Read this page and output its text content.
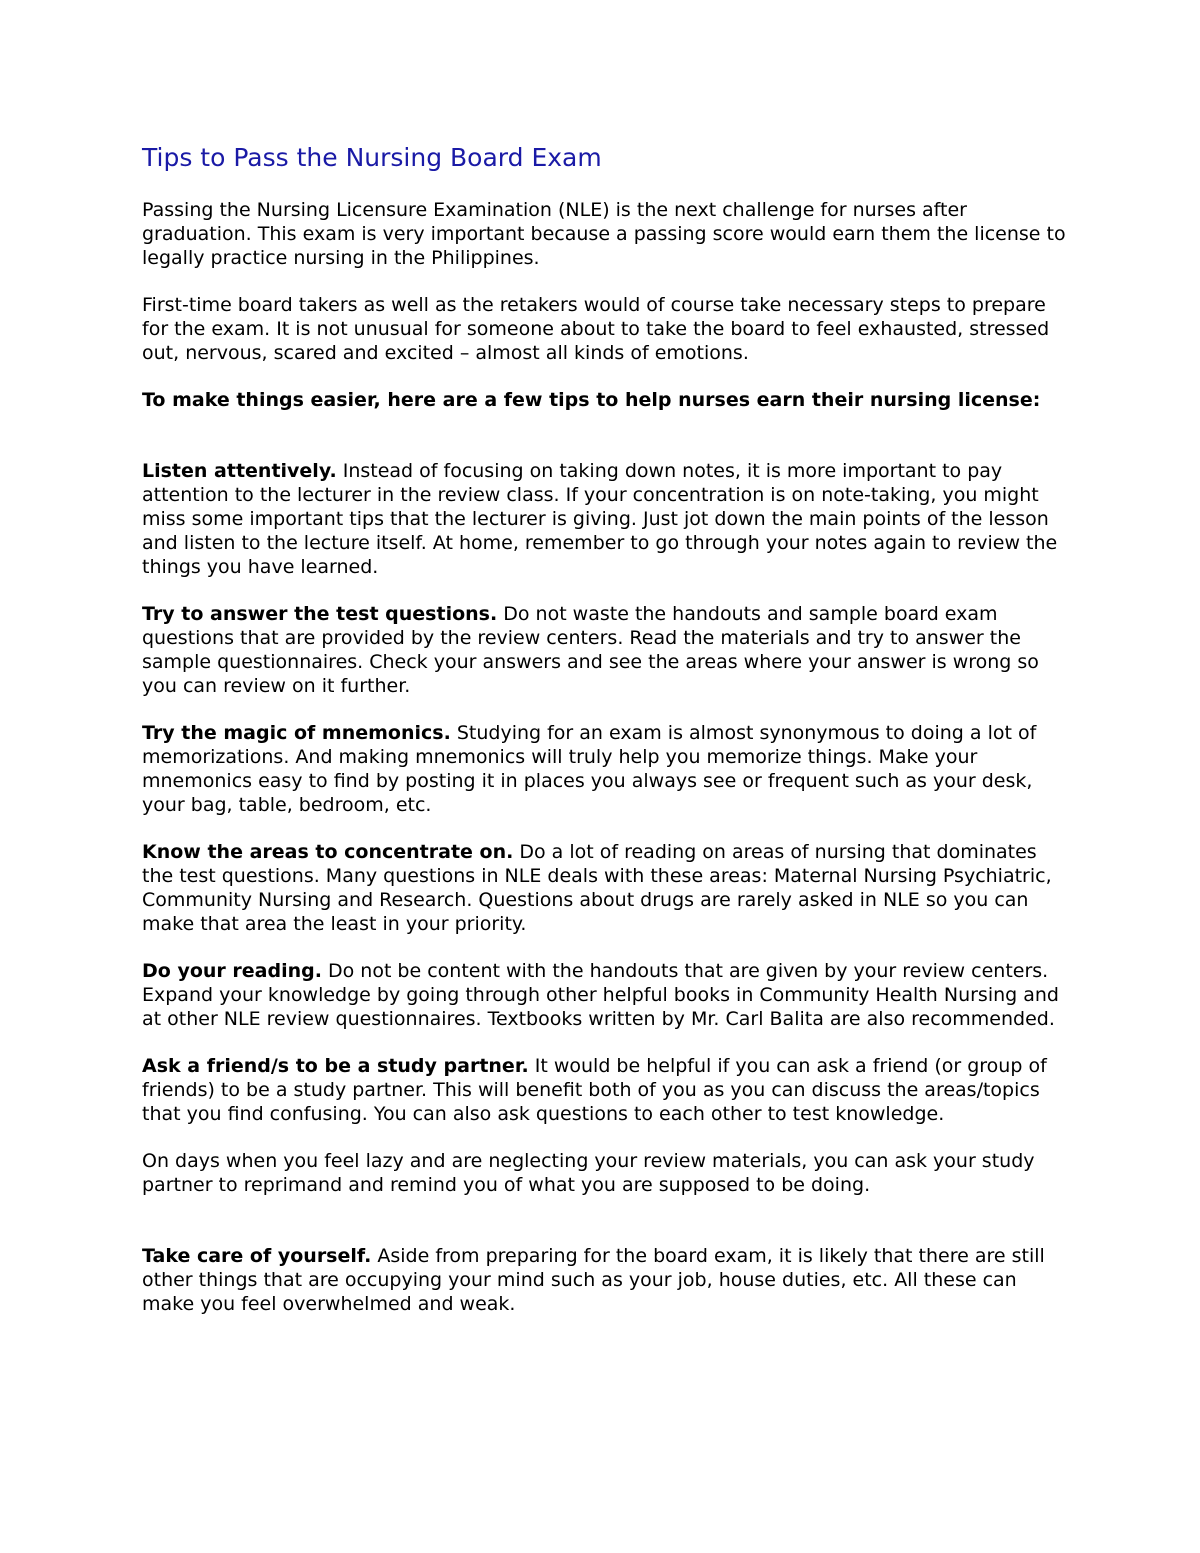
Tips to Pass the Nursing Board Exam

Passing the Nursing Licensure Examination (NLE) is the next challenge for nurses after graduation. This exam is very important because a passing score would earn them the license to legally practice nursing in the Philippines.

First-time board takers as well as the retakers would of course take necessary steps to prepare for the exam. It is not unusual for someone about to take the board to feel exhausted, stressed out, nervous, scared and excited – almost all kinds of emotions.

To make things easier, here are a few tips to help nurses earn their nursing license:

Listen attentively. Instead of focusing on taking down notes, it is more important to pay attention to the lecturer in the review class. If your concentration is on note-taking, you might miss some important tips that the lecturer is giving. Just jot down the main points of the lesson and listen to the lecture itself. At home, remember to go through your notes again to review the things you have learned.

Try to answer the test questions. Do not waste the handouts and sample board exam questions that are provided by the review centers. Read the materials and try to answer the sample questionnaires. Check your answers and see the areas where your answer is wrong so you can review on it further.

Try the magic of mnemonics. Studying for an exam is almost synonymous to doing a lot of memorizations. And making mnemonics will truly help you memorize things. Make your mnemonics easy to find by posting it in places you always see or frequent such as your desk, your bag, table, bedroom, etc.

Know the areas to concentrate on. Do a lot of reading on areas of nursing that dominates the test questions. Many questions in NLE deals with these areas: Maternal Nursing Psychiatric, Community Nursing and Research. Questions about drugs are rarely asked in NLE so you can make that area the least in your priority.

Do your reading. Do not be content with the handouts that are given by your review centers. Expand your knowledge by going through other helpful books in Community Health Nursing and at other NLE review questionnaires. Textbooks written by Mr. Carl Balita are also recommended.

Ask a friend/s to be a study partner. It would be helpful if you can ask a friend (or group of friends) to be a study partner. This will benefit both of you as you can discuss the areas/topics that you find confusing. You can also ask questions to each other to test knowledge.

On days when you feel lazy and are neglecting your review materials, you can ask your study partner to reprimand and remind you of what you are supposed to be doing.

Take care of yourself. Aside from preparing for the board exam, it is likely that there are still other things that are occupying your mind such as your job, house duties, etc. All these can make you feel overwhelmed and weak.
